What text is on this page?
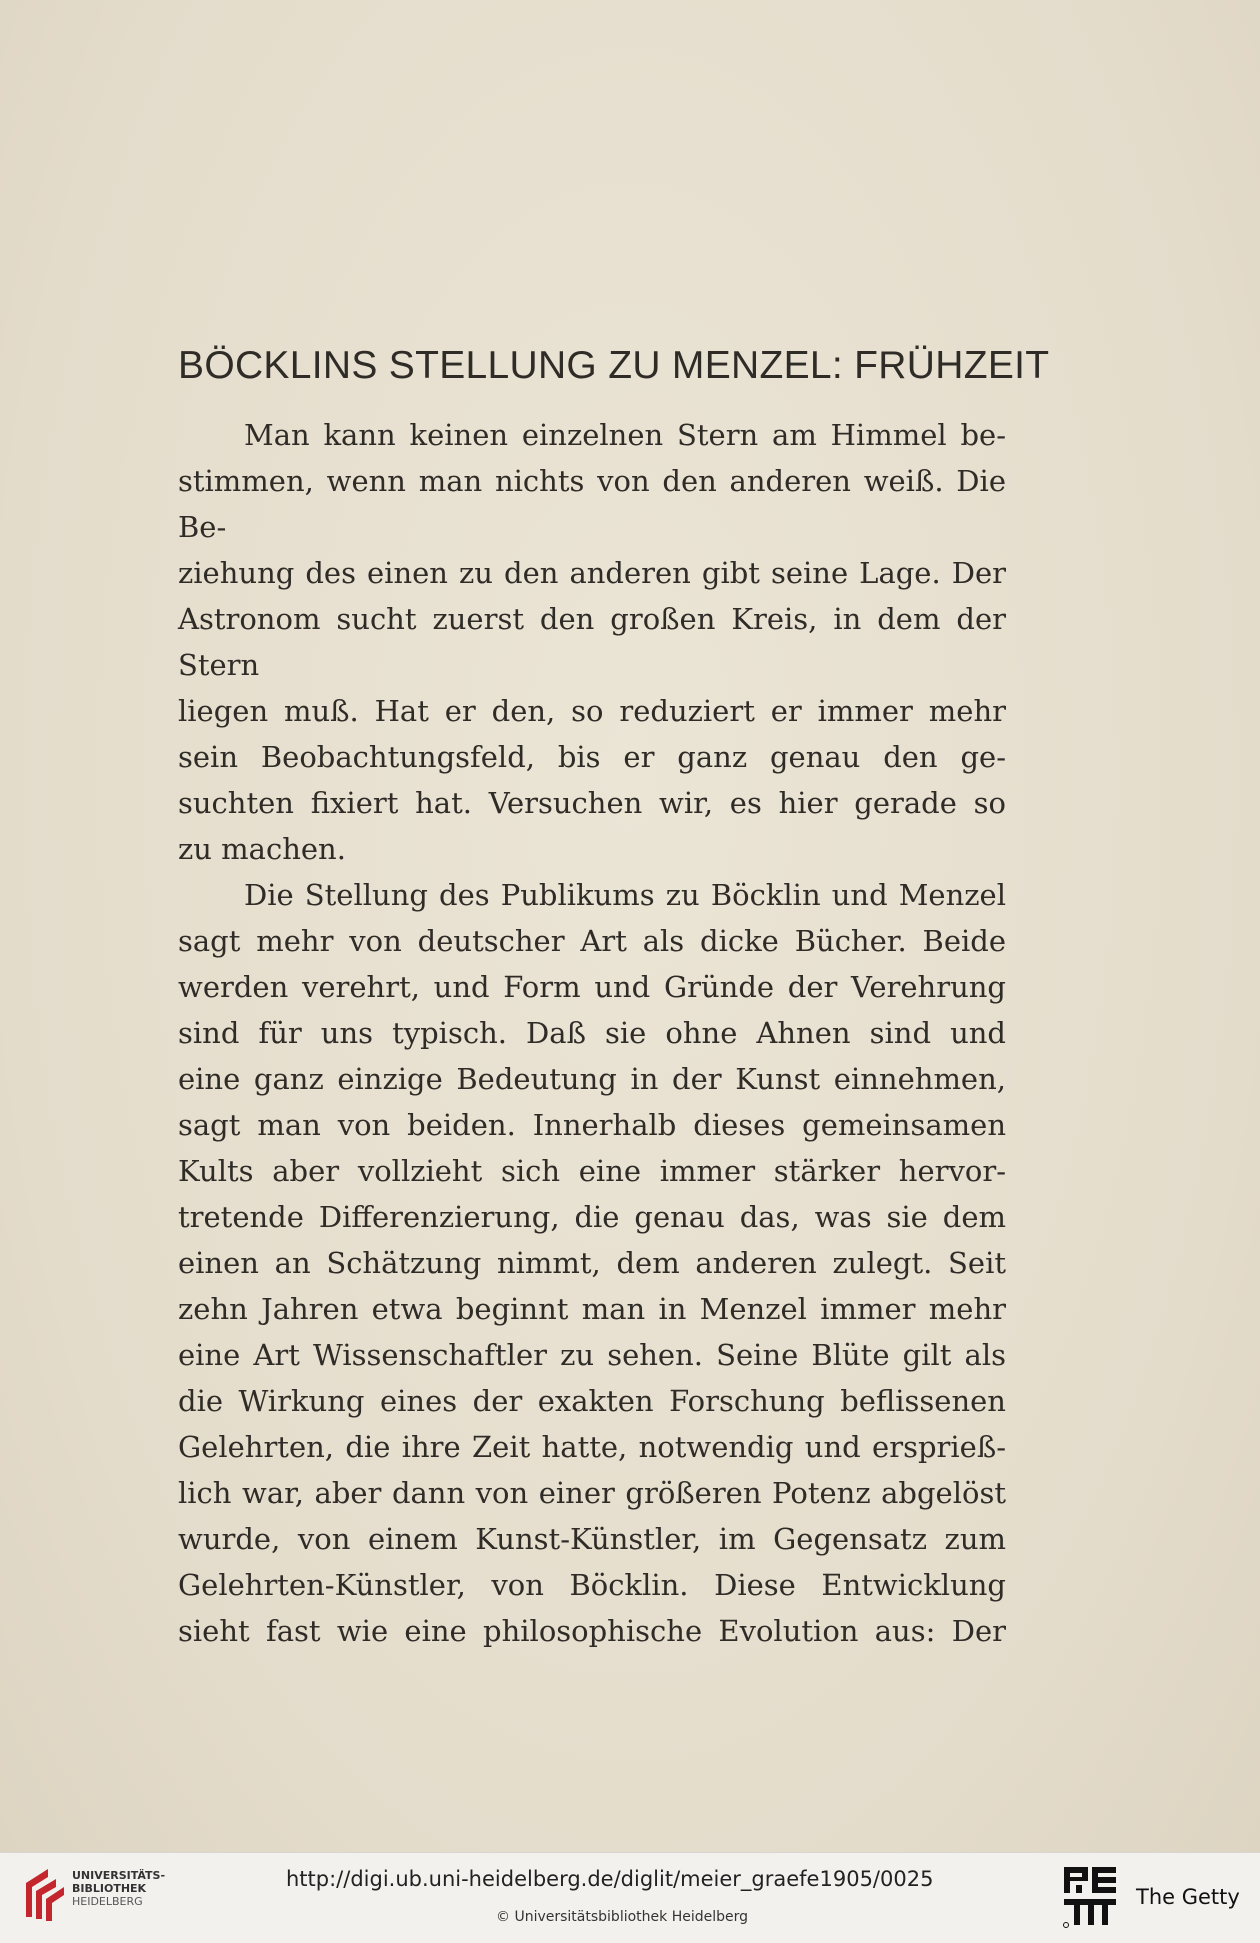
BÖCKLINS STELLUNG ZU MENZEL: FRÜHZEIT

Man kann keinen einzelnen Stern am Himmel be-
stimmen, wenn man nichts von den anderen weiß. Die Be-
ziehung des einen zu den anderen gibt seine Lage. Der
Astronom sucht zuerst den großen Kreis, in dem der Stern
liegen muß. Hat er den, so reduziert er immer mehr
sein Beobachtungsfeld, bis er ganz genau den ge-
suchten fixiert hat. Versuchen wir, es hier gerade so
zu machen.

Die Stellung des Publikums zu Böcklin und Menzel
sagt mehr von deutscher Art als dicke Bücher. Beide
werden verehrt, und Form und Gründe der Verehrung
sind für uns typisch. Daß sie ohne Ahnen sind und
eine ganz einzige Bedeutung in der Kunst einnehmen,
sagt man von beiden. Innerhalb dieses gemeinsamen
Kults aber vollzieht sich eine immer stärker hervor-
tretende Differenzierung, die genau das, was sie dem
einen an Schätzung nimmt, dem anderen zulegt. Seit
zehn Jahren etwa beginnt man in Menzel immer mehr
eine Art Wissenschaftler zu sehen. Seine Blüte gilt als
die Wirkung eines der exakten Forschung beflissenen
Gelehrten, die ihre Zeit hatte, notwendig und ersprieß-
lich war, aber dann von einer größeren Potenz abgelöst
wurde, von einem Kunst-Künstler, im Gegensatz zum
Gelehrten-Künstler, von Böcklin. Diese Entwicklung
sieht fast wie eine philosophische Evolution aus: Der

UNIVERSITÄTS-
BIBLIOTHEK
HEIDELBERG
http://digi.ub.uni-heidelberg.de/diglit/meier_graefe1905/0025
© Universitätsbibliothek Heidelberg
The Getty
